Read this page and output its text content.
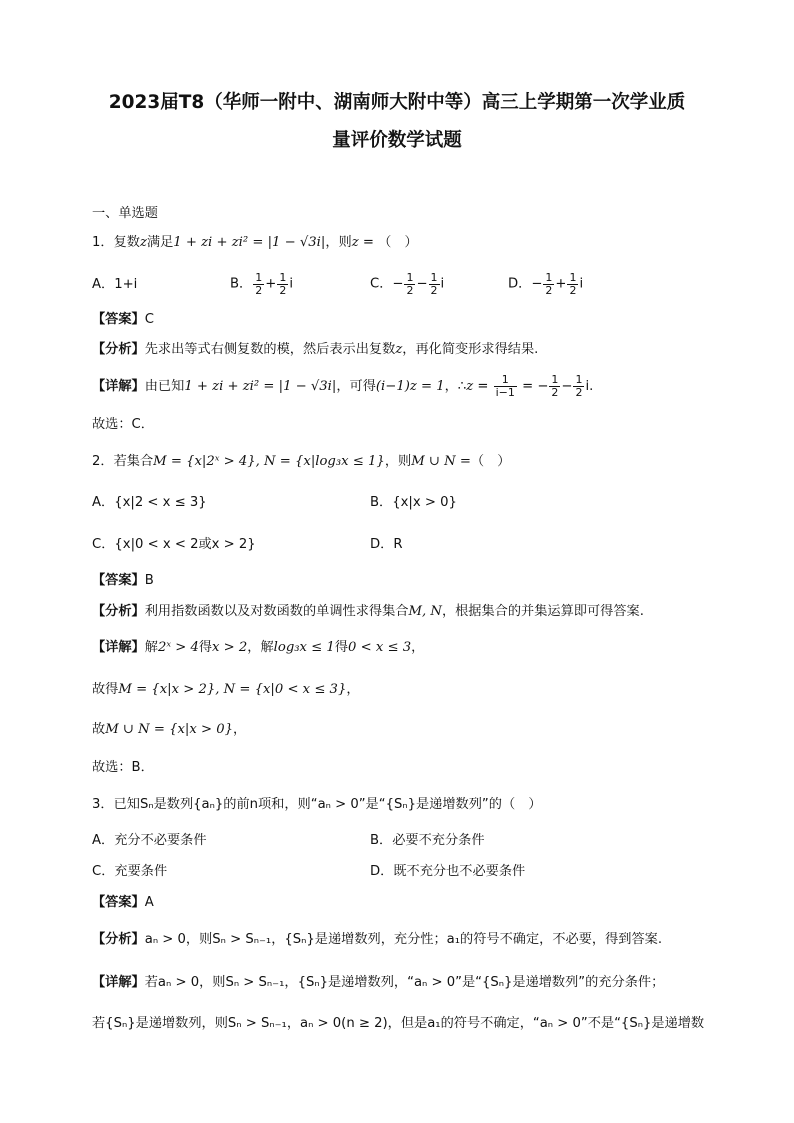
2023届T8（华师一附中、湖南师大附中等）高三上学期第一次学业质
量评价数学试题
一、单选题
1．复数z满足1 + zi + zi² = |1 − √3i|，则z = （　）
A．1+i	B． $\frac{1}{2} + \frac{1}{2}$ i	C．− $\frac{1}{2} - \frac{1}{2}$ i	D．− $\frac{1}{2} + \frac{1}{2}$ i
【答案】C
【分析】先求出等式右侧复数的模，然后表示出复数z，再化简变形求得结果.
【详解】由已知1 + zi + zi² = |1 − √3i|，可得(i−1)z = 1，∴z = $\frac{1}{i-1}$ = − $\frac{1}{2} - \frac{1}{2} i$.
故选：C．
2．若集合M = {x|2ˣ > 4}, N = {x|log₃x ≤ 1}，则M ∪ N =（　）
A．{x|2 < x ≤ 3}	B．{x|x > 0}
C．{x|0 < x < 2或x > 2}	D．R
【答案】B
【分析】利用指数函数以及对数函数的单调性求得集合M, N，根据集合的并集运算即可得答案.
【详解】解2ˣ > 4得x > 2，解log₃x ≤ 1得0 < x ≤ 3，
故得M = {x|x > 2}, N = {x|0 < x ≤ 3}，
故M ∪ N = {x|x > 0}，
故选：B．
3．已知Sₙ是数列{aₙ}的前n项和，则“aₙ > 0”是“{Sₙ}是递增数列”的（　）
A．充分不必要条件	B．必要不充分条件
C．充要条件	D．既不充分也不必要条件
【答案】A
【分析】aₙ > 0，则Sₙ > Sₙ₋₁，{Sₙ}是递增数列，充分性；a₁的符号不确定，不必要，得到答案.
【详解】若aₙ > 0，则Sₙ > Sₙ₋₁，{Sₙ}是递增数列，“aₙ > 0”是“{Sₙ}是递增数列”的充分条件；
若{Sₙ}是递增数列，则Sₙ > Sₙ₋₁，aₙ > 0(n ≥ 2)，但是a₁的符号不确定，“aₙ > 0”不是“{Sₙ}是递增数
